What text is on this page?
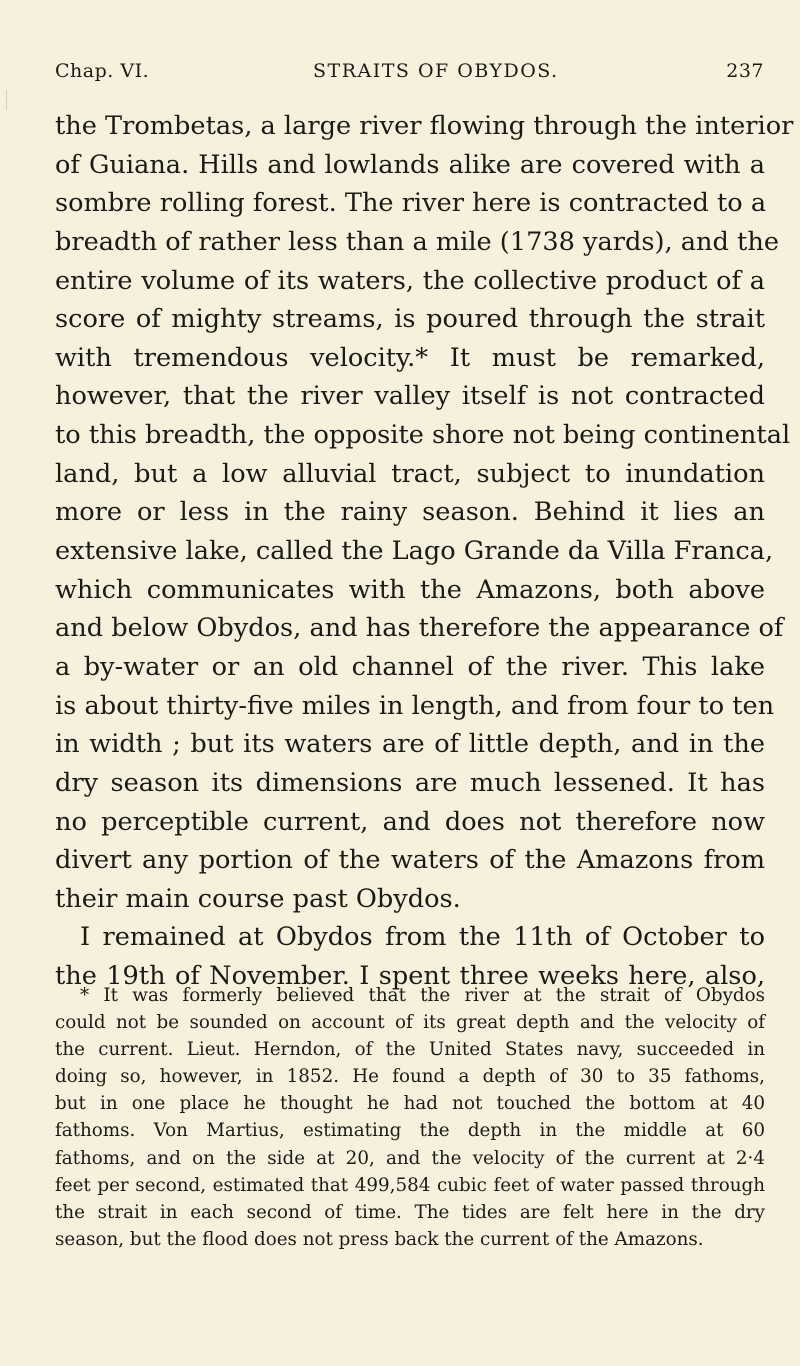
Chap. VI.	STRAITS OF OBYDOS.	237
the Trombetas, a large river flowing through the interior
of Guiana. Hills and lowlands alike are covered with a
sombre rolling forest. The river here is contracted to a
breadth of rather less than a mile (1738 yards), and the
entire volume of its waters, the collective product of a
score of mighty streams, is poured through the strait
with tremendous velocity.* It must be remarked,
however, that the river valley itself is not contracted
to this breadth, the opposite shore not being continental
land, but a low alluvial tract, subject to inundation
more or less in the rainy season. Behind it lies an
extensive lake, called the Lago Grande da Villa Franca,
which communicates with the Amazons, both above
and below Obydos, and has therefore the appearance of
a by-water or an old channel of the river. This lake
is about thirty-five miles in length, and from four to ten
in width ; but its waters are of little depth, and in the
dry season its dimensions are much lessened. It has
no perceptible current, and does not therefore now
divert any portion of the waters of the Amazons from
their main course past Obydos.
I remained at Obydos from the 11th of October to
the 19th of November. I spent three weeks here, also,
* It was formerly believed that the river at the strait of Obydos
could not be sounded on account of its great depth and the velocity of
the current. Lieut. Herndon, of the United States navy, succeeded in
doing so, however, in 1852. He found a depth of 30 to 35 fathoms,
but in one place he thought he had not touched the bottom at 40
fathoms. Von Martius, estimating the depth in the middle at 60
fathoms, and on the side at 20, and the velocity of the current at 2·4
feet per second, estimated that 499,584 cubic feet of water passed through
the strait in each second of time. The tides are felt here in the dry
season, but the flood does not press back the current of the Amazons.
